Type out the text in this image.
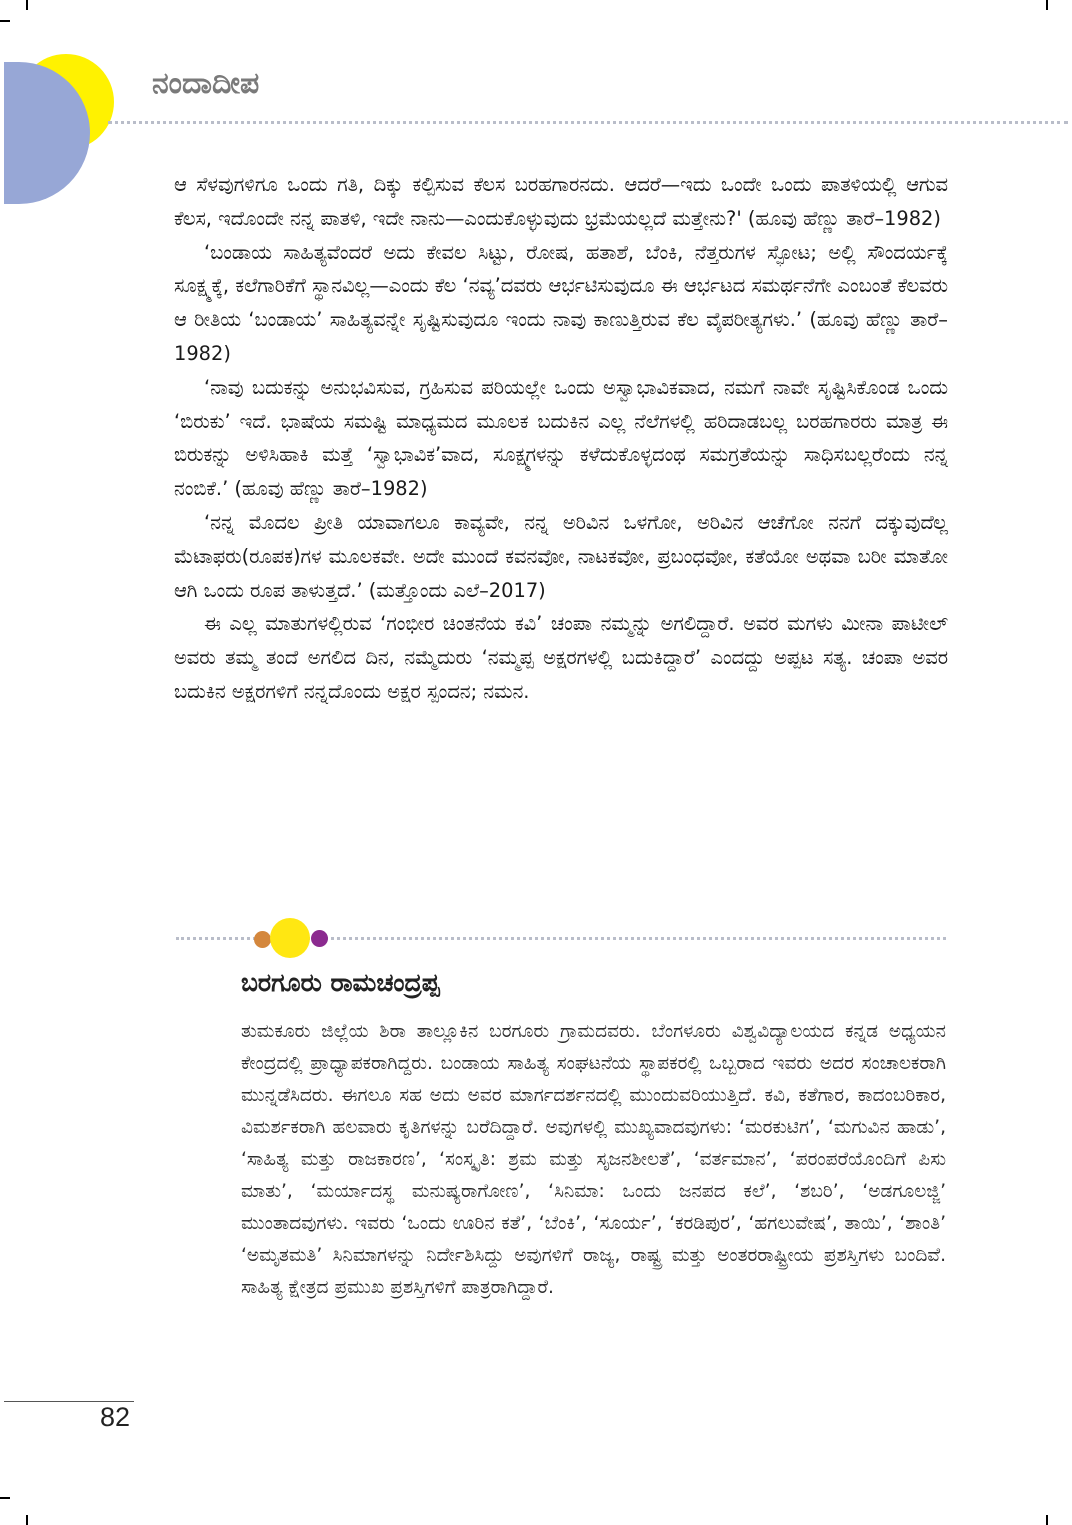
ನಂದಾದೀಪ

ಆ ಸೆಳವುಗಳಿಗೂ ಒಂದು ಗತಿ, ದಿಕ್ಕು ಕಲ್ಪಿಸುವ ಕೆಲಸ ಬರಹಗಾರನದು. ಆದರೆ—ಇದು ಒಂದೇ ಒಂದು ಪಾತಳಿಯಲ್ಲಿ ಆಗುವ ಕೆಲಸ, ಇದೊಂದೇ ನನ್ನ ಪಾತಳಿ, ಇದೇ ನಾನು—ಎಂದುಕೊಳ್ಳುವುದು ಭ್ರಮೆಯಲ್ಲದೆ ಮತ್ತೇನು?' (ಹೂವು ಹೆಣ್ಣು ತಾರೆ–1982)

‘ಬಂಡಾಯ ಸಾಹಿತ್ಯವೆಂದರೆ ಅದು ಕೇವಲ ಸಿಟ್ಟು, ರೋಷ, ಹತಾಶೆ, ಬೆಂಕಿ, ನೆತ್ತರುಗಳ ಸ್ಫೋಟ; ಅಲ್ಲಿ ಸೌಂದರ್ಯಕ್ಕೆ ಸೂಕ್ಷ್ಮಕ್ಕೆ, ಕಲೆಗಾರಿಕೆಗೆ ಸ್ಥಾನವಿಲ್ಲ—ಎಂದು ಕೆಲ ‘ನವ್ಯ’ದವರು ಆರ್ಭಟಿಸುವುದೂ ಈ ಆರ್ಭಟದ ಸಮರ್ಥನೆಗೇ ಎಂಬಂತೆ ಕೆಲವರು ಆ ರೀತಿಯ ‘ಬಂಡಾಯ’ ಸಾಹಿತ್ಯವನ್ನೇ ಸೃಷ್ಟಿಸುವುದೂ ಇಂದು ನಾವು ಕಾಣುತ್ತಿರುವ ಕೆಲ ವೈಪರೀತ್ಯಗಳು.’ (ಹೂವು ಹೆಣ್ಣು ತಾರೆ–1982)

‘ನಾವು ಬದುಕನ್ನು ಅನುಭವಿಸುವ, ಗ್ರಹಿಸುವ ಪರಿಯಲ್ಲೇ ಒಂದು ಅಸ್ವಾಭಾವಿಕವಾದ, ನಮಗೆ ನಾವೇ ಸೃಷ್ಟಿಸಿಕೊಂಡ ಒಂದು ‘ಬಿರುಕು’ ಇದೆ. ಭಾಷೆಯ ಸಮಷ್ಟಿ ಮಾಧ್ಯಮದ ಮೂಲಕ ಬದುಕಿನ ಎಲ್ಲ ನೆಲೆಗಳಲ್ಲಿ ಹರಿದಾಡಬಲ್ಲ ಬರಹಗಾರರು ಮಾತ್ರ ಈ ಬಿರುಕನ್ನು ಅಳಿಸಿಹಾಕಿ ಮತ್ತೆ ‘ಸ್ವಾಭಾವಿಕ’ವಾದ, ಸೂಕ್ಷ್ಮಗಳನ್ನು ಕಳೆದುಕೊಳ್ಳದಂಥ ಸಮಗ್ರತೆಯನ್ನು ಸಾಧಿಸಬಲ್ಲರೆಂದು ನನ್ನ ನಂಬಿಕೆ.’ (ಹೂವು ಹೆಣ್ಣು ತಾರೆ–1982)

‘ನನ್ನ ಮೊದಲ ಪ್ರೀತಿ ಯಾವಾಗಲೂ ಕಾವ್ಯವೇ, ನನ್ನ ಅರಿವಿನ ಒಳಗೋ, ಅರಿವಿನ ಆಚೆಗೋ ನನಗೆ ದಕ್ಕುವುದೆಲ್ಲ ಮೆಟಾಫರು(ರೂಪಕ)ಗಳ ಮೂಲಕವೇ. ಅದೇ ಮುಂದೆ ಕವನವೋ, ನಾಟಕವೋ, ಪ್ರಬಂಧವೋ, ಕತೆಯೋ ಅಥವಾ ಬರೀ ಮಾತೋ ಆಗಿ ಒಂದು ರೂಪ ತಾಳುತ್ತದೆ.’ (ಮತ್ತೊಂದು ಎಲೆ–2017)

ಈ ಎಲ್ಲ ಮಾತುಗಳಲ್ಲಿರುವ ‘ಗಂಭೀರ ಚಿಂತನೆಯ ಕವಿ’ ಚಂಪಾ ನಮ್ಮನ್ನು ಅಗಲಿದ್ದಾರೆ. ಅವರ ಮಗಳು ಮೀನಾ ಪಾಟೀಲ್ ಅವರು ತಮ್ಮ ತಂದೆ ಅಗಲಿದ ದಿನ, ನಮ್ಮೆದುರು ‘ನಮ್ಮಪ್ಪ ಅಕ್ಷರಗಳಲ್ಲಿ ಬದುಕಿದ್ದಾರೆ’ ಎಂದದ್ದು ಅಪ್ಪಟ ಸತ್ಯ. ಚಂಪಾ ಅವರ ಬದುಕಿನ ಅಕ್ಷರಗಳಿಗೆ ನನ್ನದೊಂದು ಅಕ್ಷರ ಸ್ಪಂದನ; ನಮನ.

ಬರಗೂರು ರಾಮಚಂದ್ರಪ್ಪ
ತುಮಕೂರು ಜಿಲ್ಲೆಯ ಶಿರಾ ತಾಲ್ಲೂಕಿನ ಬರಗೂರು ಗ್ರಾಮದವರು. ಬೆಂಗಳೂರು ವಿಶ್ವವಿದ್ಯಾಲಯದ ಕನ್ನಡ ಅಧ್ಯಯನ ಕೇಂದ್ರದಲ್ಲಿ ಪ್ರಾಧ್ಯಾಪಕರಾಗಿದ್ದರು. ಬಂಡಾಯ ಸಾಹಿತ್ಯ ಸಂಘಟನೆಯ ಸ್ಥಾಪಕರಲ್ಲಿ ಒಬ್ಬರಾದ ಇವರು ಅದರ ಸಂಚಾಲಕರಾಗಿ ಮುನ್ನಡೆಸಿದರು. ಈಗಲೂ ಸಹ ಅದು ಅವರ ಮಾರ್ಗದರ್ಶನದಲ್ಲಿ ಮುಂದುವರಿಯುತ್ತಿದೆ. ಕವಿ, ಕತೆಗಾರ, ಕಾದಂಬರಿಕಾರ, ವಿಮರ್ಶಕರಾಗಿ ಹಲವಾರು ಕೃತಿಗಳನ್ನು ಬರೆದಿದ್ದಾರೆ. ಅವುಗಳಲ್ಲಿ ಮುಖ್ಯವಾದವುಗಳು: ‘ಮರಕುಟಿಗ’, ‘ಮಗುವಿನ ಹಾಡು’, ‘ಸಾಹಿತ್ಯ ಮತ್ತು ರಾಜಕಾರಣ’, ‘ಸಂಸ್ಕೃತಿ: ಶ್ರಮ ಮತ್ತು ಸೃಜನಶೀಲತೆ’, ‘ವರ್ತಮಾನ’, ‘ಪರಂಪರೆಯೊಂದಿಗೆ ಪಿಸು ಮಾತು’, ‘ಮರ್ಯಾದಸ್ಥ ಮನುಷ್ಯರಾಗೋಣ’, ‘ಸಿನಿಮಾ: ಒಂದು ಜನಪದ ಕಲೆ’, ‘ಶಬರಿ’, ‘ಅಡಗೂಲಜ್ಜಿ’ ಮುಂತಾದವುಗಳು. ಇವರು ‘ಒಂದು ಊರಿನ ಕತೆ’, ‘ಬೆಂಕಿ’, ‘ಸೂರ್ಯ’, ‘ಕರಡಿಪುರ’, ‘ಹಗಲುವೇಷ’, ತಾಯಿ’, ‘ಶಾಂತಿ’ ‘ಅಮೃತಮತಿ’ ಸಿನಿಮಾಗಳನ್ನು ನಿರ್ದೇಶಿಸಿದ್ದು ಅವುಗಳಿಗೆ ರಾಜ್ಯ, ರಾಷ್ಟ್ರ ಮತ್ತು ಅಂತರರಾಷ್ಟ್ರೀಯ ಪ್ರಶಸ್ತಿಗಳು ಬಂದಿವೆ. ಸಾಹಿತ್ಯ ಕ್ಷೇತ್ರದ ಪ್ರಮುಖ ಪ್ರಶಸ್ತಿಗಳಿಗೆ ಪಾತ್ರರಾಗಿದ್ದಾರೆ.
82
